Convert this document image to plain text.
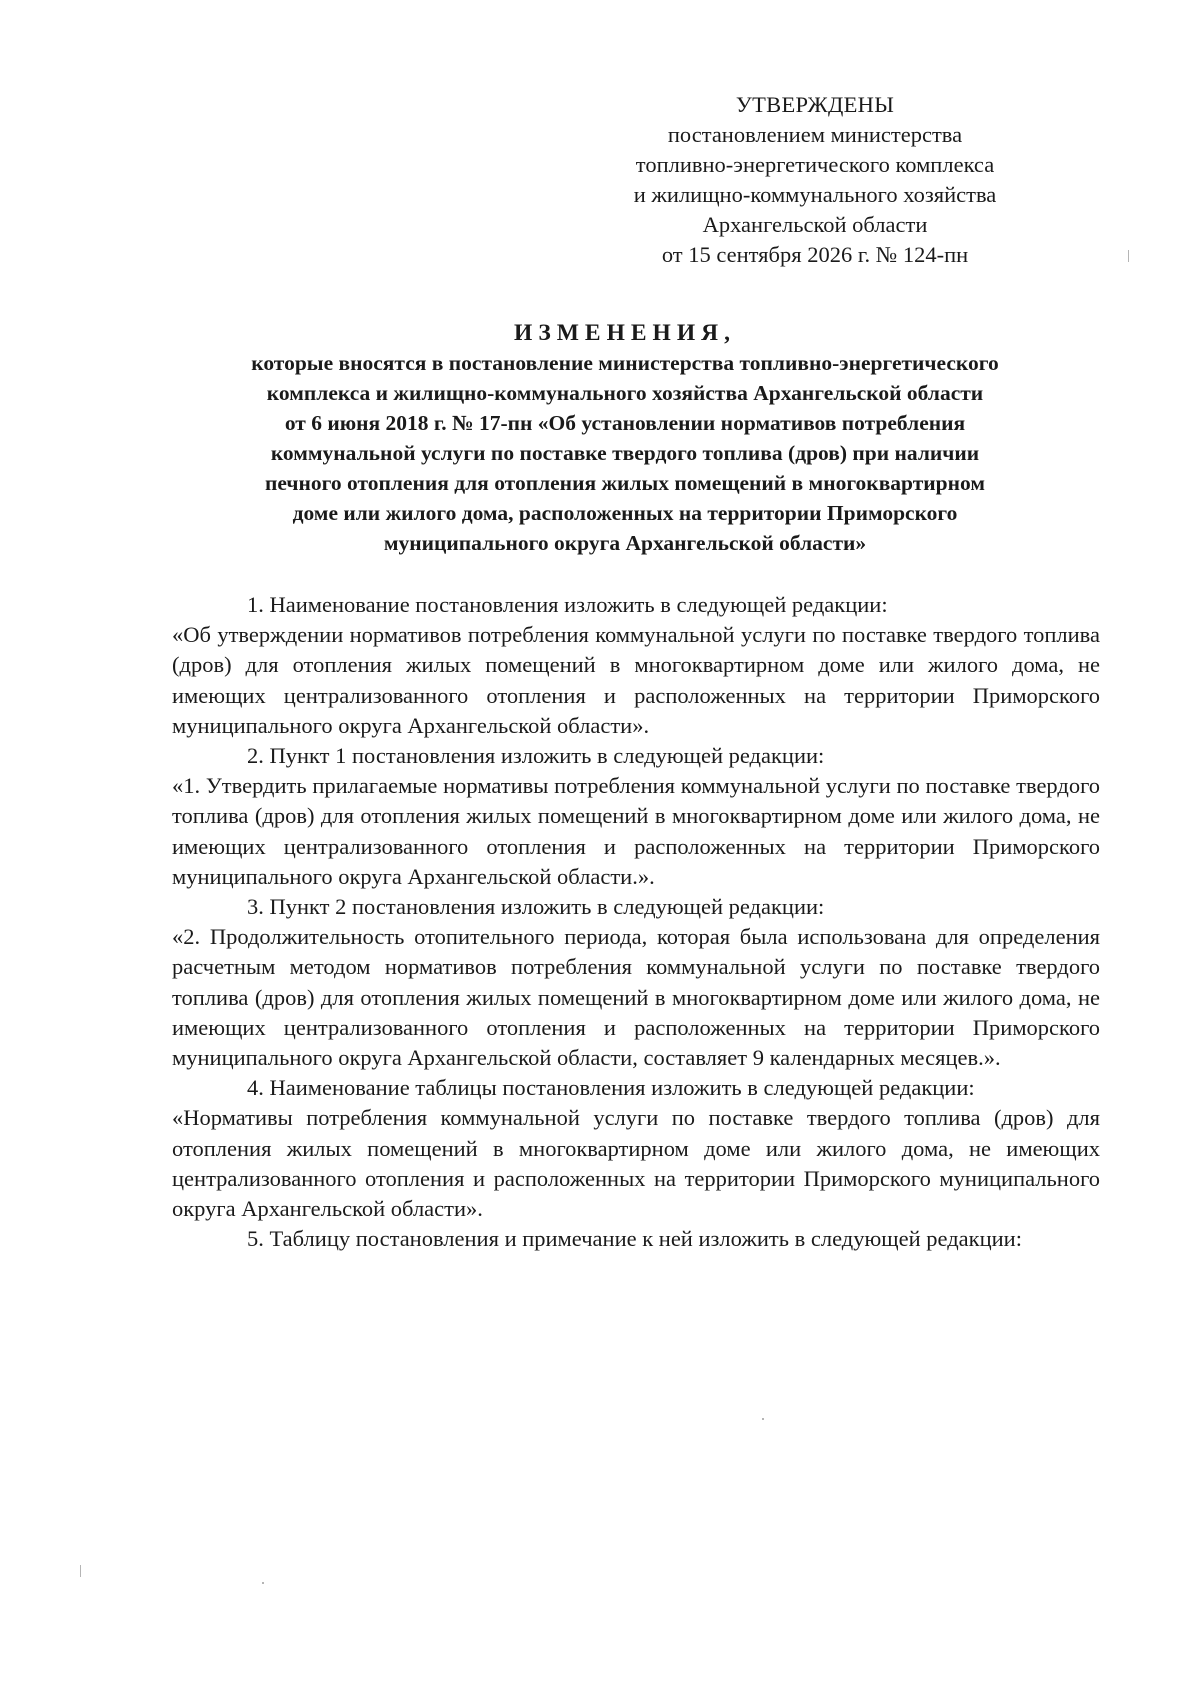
УТВЕРЖДЕНЫ
постановлением министерства
топливно-энергетического комплекса
и жилищно-коммунального хозяйства
Архангельской области
от 15 сентября 2026 г. № 124-пн
ИЗМЕНЕНИЯ,
которые вносятся в постановление министерства топливно-энергетического
комплекса и жилищно-коммунального хозяйства Архангельской области
от 6 июня 2018 г. № 17-пн «Об установлении нормативов потребления
коммунальной услуги по поставке твердого топлива (дров) при наличии
печного отопления для отопления жилых помещений в многоквартирном
доме или жилого дома, расположенных на территории Приморского
муниципального округа Архангельской области»

1. Наименование постановления изложить в следующей редакции:

«Об утверждении нормативов потребления коммунальной услуги по поставке твердого топлива (дров) для отопления жилых помещений в многоквартирном доме или жилого дома, не имеющих централизованного отопления и расположенных на территории Приморского муниципального округа Архангельской области».

2. Пункт 1 постановления изложить в следующей редакции:

«1. Утвердить прилагаемые нормативы потребления коммунальной услуги по поставке твердого топлива (дров) для отопления жилых помещений в многоквартирном доме или жилого дома, не имеющих централизованного отопления и расположенных на территории Приморского муниципального округа Архангельской области.».

3. Пункт 2 постановления изложить в следующей редакции:

«2. Продолжительность отопительного периода, которая была использована для определения расчетным методом нормативов потребления коммунальной услуги по поставке твердого топлива (дров) для отопления жилых помещений в многоквартирном доме или жилого дома, не имеющих централизованного отопления и расположенных на территории Приморского муниципального округа Архангельской области, составляет 9 календарных месяцев.».

4. Наименование таблицы постановления изложить в следующей редакции:

«Нормативы потребления коммунальной услуги по поставке твердого топлива (дров) для отопления жилых помещений в многоквартирном доме или жилого дома, не имеющих централизованного отопления и расположенных на территории Приморского муниципального округа Архангельской области».

5. Таблицу постановления и примечание к ней изложить в следующей редакции:
